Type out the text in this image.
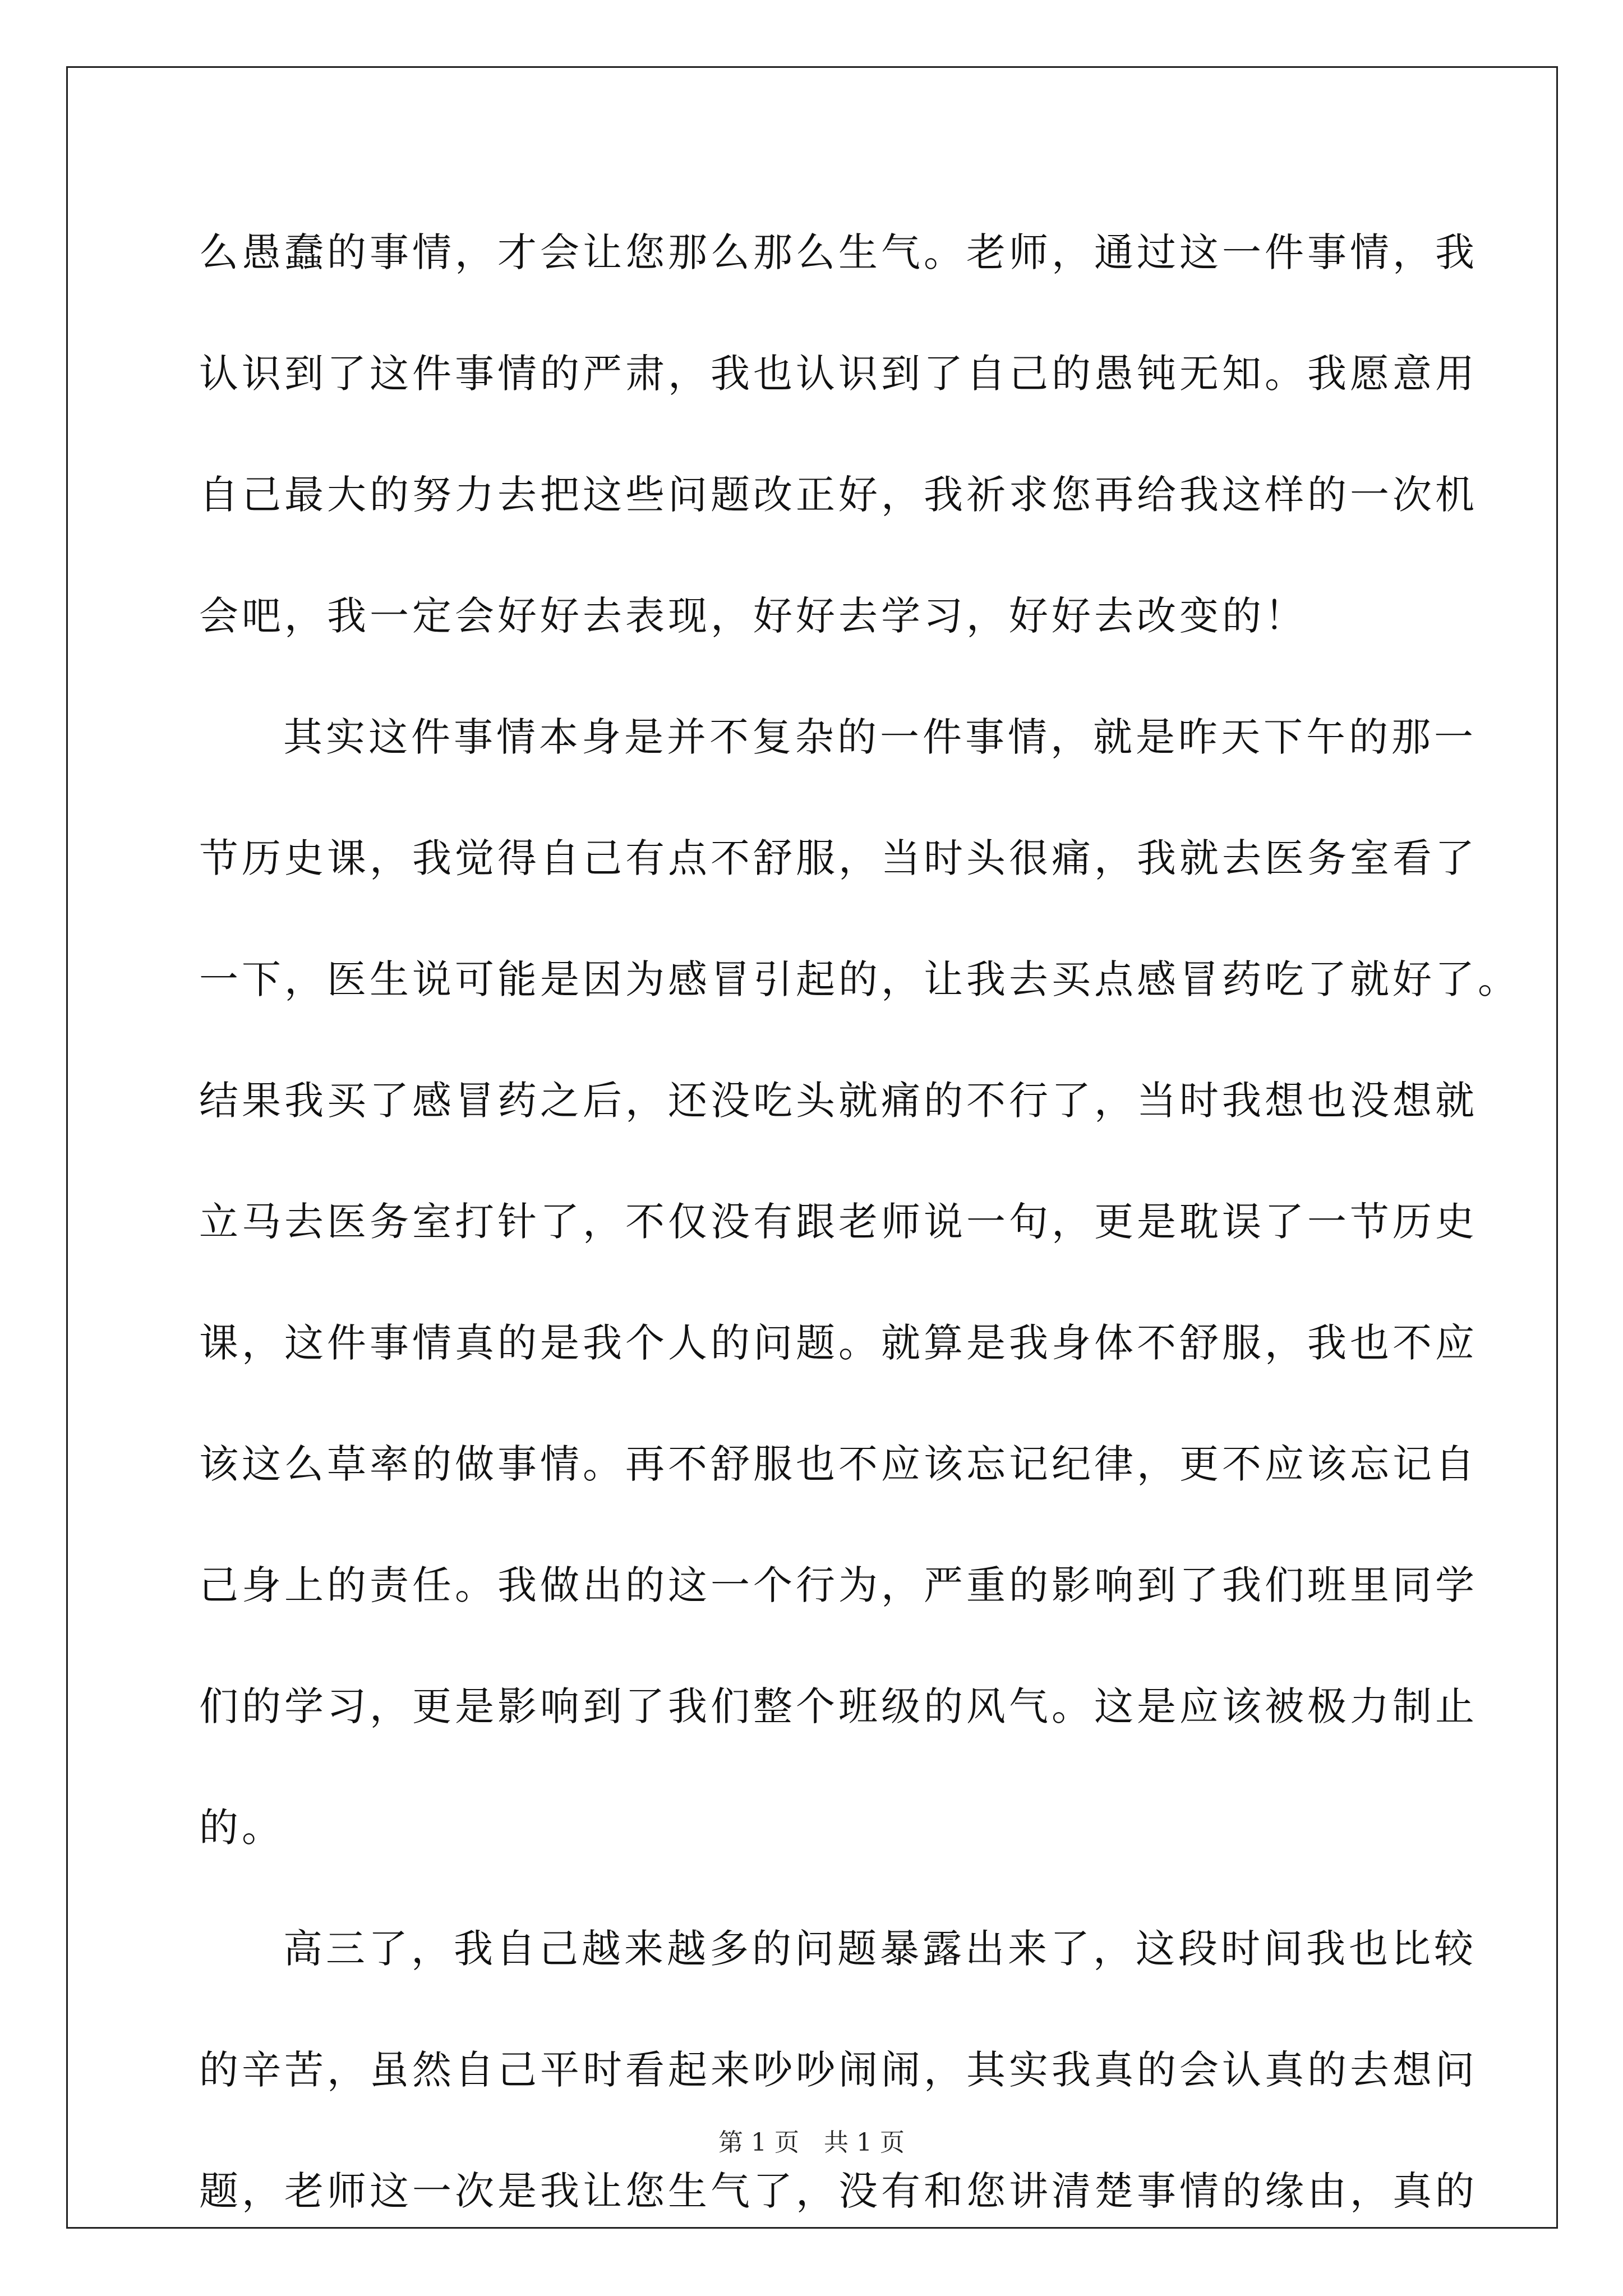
么愚蠢的事情，才会让您那么那么生气。老师，通过这一件事情，我
认识到了这件事情的严肃，我也认识到了自己的愚钝无知。我愿意用
自己最大的努力去把这些问题改正好，我祈求您再给我这样的一次机
会吧，我一定会好好去表现，好好去学习，好好去改变的！
其实这件事情本身是并不复杂的一件事情，就是昨天下午的那一
节历史课，我觉得自己有点不舒服，当时头很痛，我就去医务室看了
一下，医生说可能是因为感冒引起的，让我去买点感冒药吃了就好了。
结果我买了感冒药之后，还没吃头就痛的不行了，当时我想也没想就
立马去医务室打针了，不仅没有跟老师说一句，更是耽误了一节历史
课，这件事情真的是我个人的问题。就算是我身体不舒服，我也不应
该这么草率的做事情。再不舒服也不应该忘记纪律，更不应该忘记自
己身上的责任。我做出的这一个行为，严重的影响到了我们班里同学
们的学习，更是影响到了我们整个班级的风气。这是应该被极力制止
的。
高三了，我自己越来越多的问题暴露出来了，这段时间我也比较
的辛苦，虽然自己平时看起来吵吵闹闹，其实我真的会认真的去想问
题，老师这一次是我让您生气了，没有和您讲清楚事情的缘由，真的
第 1 页　共 1 页
